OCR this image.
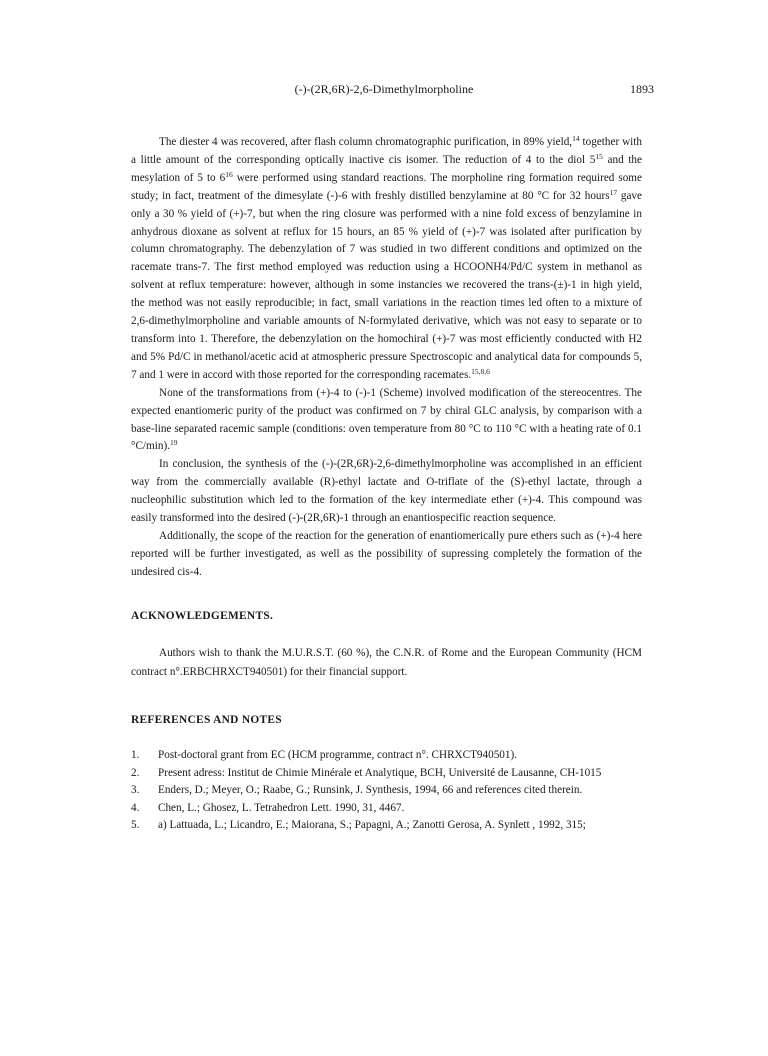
(-)-(2R,6R)-2,6-Dimethylmorpholine	1893

The diester 4 was recovered, after flash column chromatographic purification, in 89% yield,$^{14}$ together with a little amount of the corresponding optically inactive cis isomer. The reduction of 4 to the diol $5^{15}$ and the mesylation of 5 to $6^{16}$ were performed using standard reactions. The morpholine ring formation required some study; in fact, treatment of the dimesylate (-)-6 with freshly distilled benzylamine at 80 °C for 32 hours$^{17}$ gave only a 30 % yield of (+)-7, but when the ring closure was performed with a nine fold excess of benzylamine in anhydrous dioxane as solvent at reflux for 15 hours, an 85 % yield of (+)-7 was isolated after purification by column chromatography. The debenzylation of 7 was studied in two different conditions and optimized on the racemate trans-7. The first method employed was reduction using a HCOONH4/Pd/C system in methanol as solvent at reflux temperature: however, although in some instancies we recovered the trans-(±)-1 in high yield, the method was not easily reproducible; in fact, small variations in the reaction times led often to a mixture of 2,6-dimethylmorpholine and variable amounts of N-formylated derivative, which was not easy to separate or to transform into 1. Therefore, the debenzylation on the homochiral (+)-7 was most efficiently conducted with H2 and 5% Pd/C in methanol/acetic acid at atmospheric pressure Spectroscopic and analytical data for compounds 5, 7 and 1 were in accord with those reported for the corresponding racemates.$^{15,8,6}$

None of the transformations from (+)-4 to (-)-1 (Scheme) involved modification of the stereocentres. The expected enantiomeric purity of the product was confirmed on 7 by chiral GLC analysis, by comparison with a base-line separated racemic sample (conditions: oven temperature from 80 °C to 110 °C with a heating rate of 0.1 °C/min).$^{19}$

In conclusion, the synthesis of the (-)-(2R,6R)-2,6-dimethylmorpholine was accomplished in an efficient way from the commercially available (R)-ethyl lactate and O-triflate of the (S)-ethyl lactate, through a nucleophilic substitution which led to the formation of the key intermediate ether (+)-4. This compound was easily transformed into the desired (-)-(2R,6R)-1 through an enantiospecific reaction sequence.

Additionally, the scope of the reaction for the generation of enantiomerically pure ethers such as (+)-4 here reported will be further investigated, as well as the possibility of supressing completely the formation of the undesired cis-4.

ACKNOWLEDGEMENTS.

Authors wish to thank the M.U.R.S.T. (60 %), the C.N.R. of Rome and the European Community (HCM contract n°.ERBCHRXCT940501) for their financial support.

REFERENCES AND NOTES
1.	Post-doctoral grant from EC (HCM programme, contract n°. CHRXCT940501).
2.	Present adress: Institut de Chimie Minérale et Analytique, BCH, Université de Lausanne, CH-1015
3.	Enders, D.; Meyer, O.; Raabe, G.; Runsink, J. Synthesis, 1994, 66 and references cited therein.
4.	Chen, L.; Ghosez, L. Tetrahedron Lett. 1990, 31, 4467.
5.	a) Lattuada, L.; Licandro, E.; Maiorana, S.; Papagni, A.; Zanotti Gerosa, A. Synlett , 1992, 315;
